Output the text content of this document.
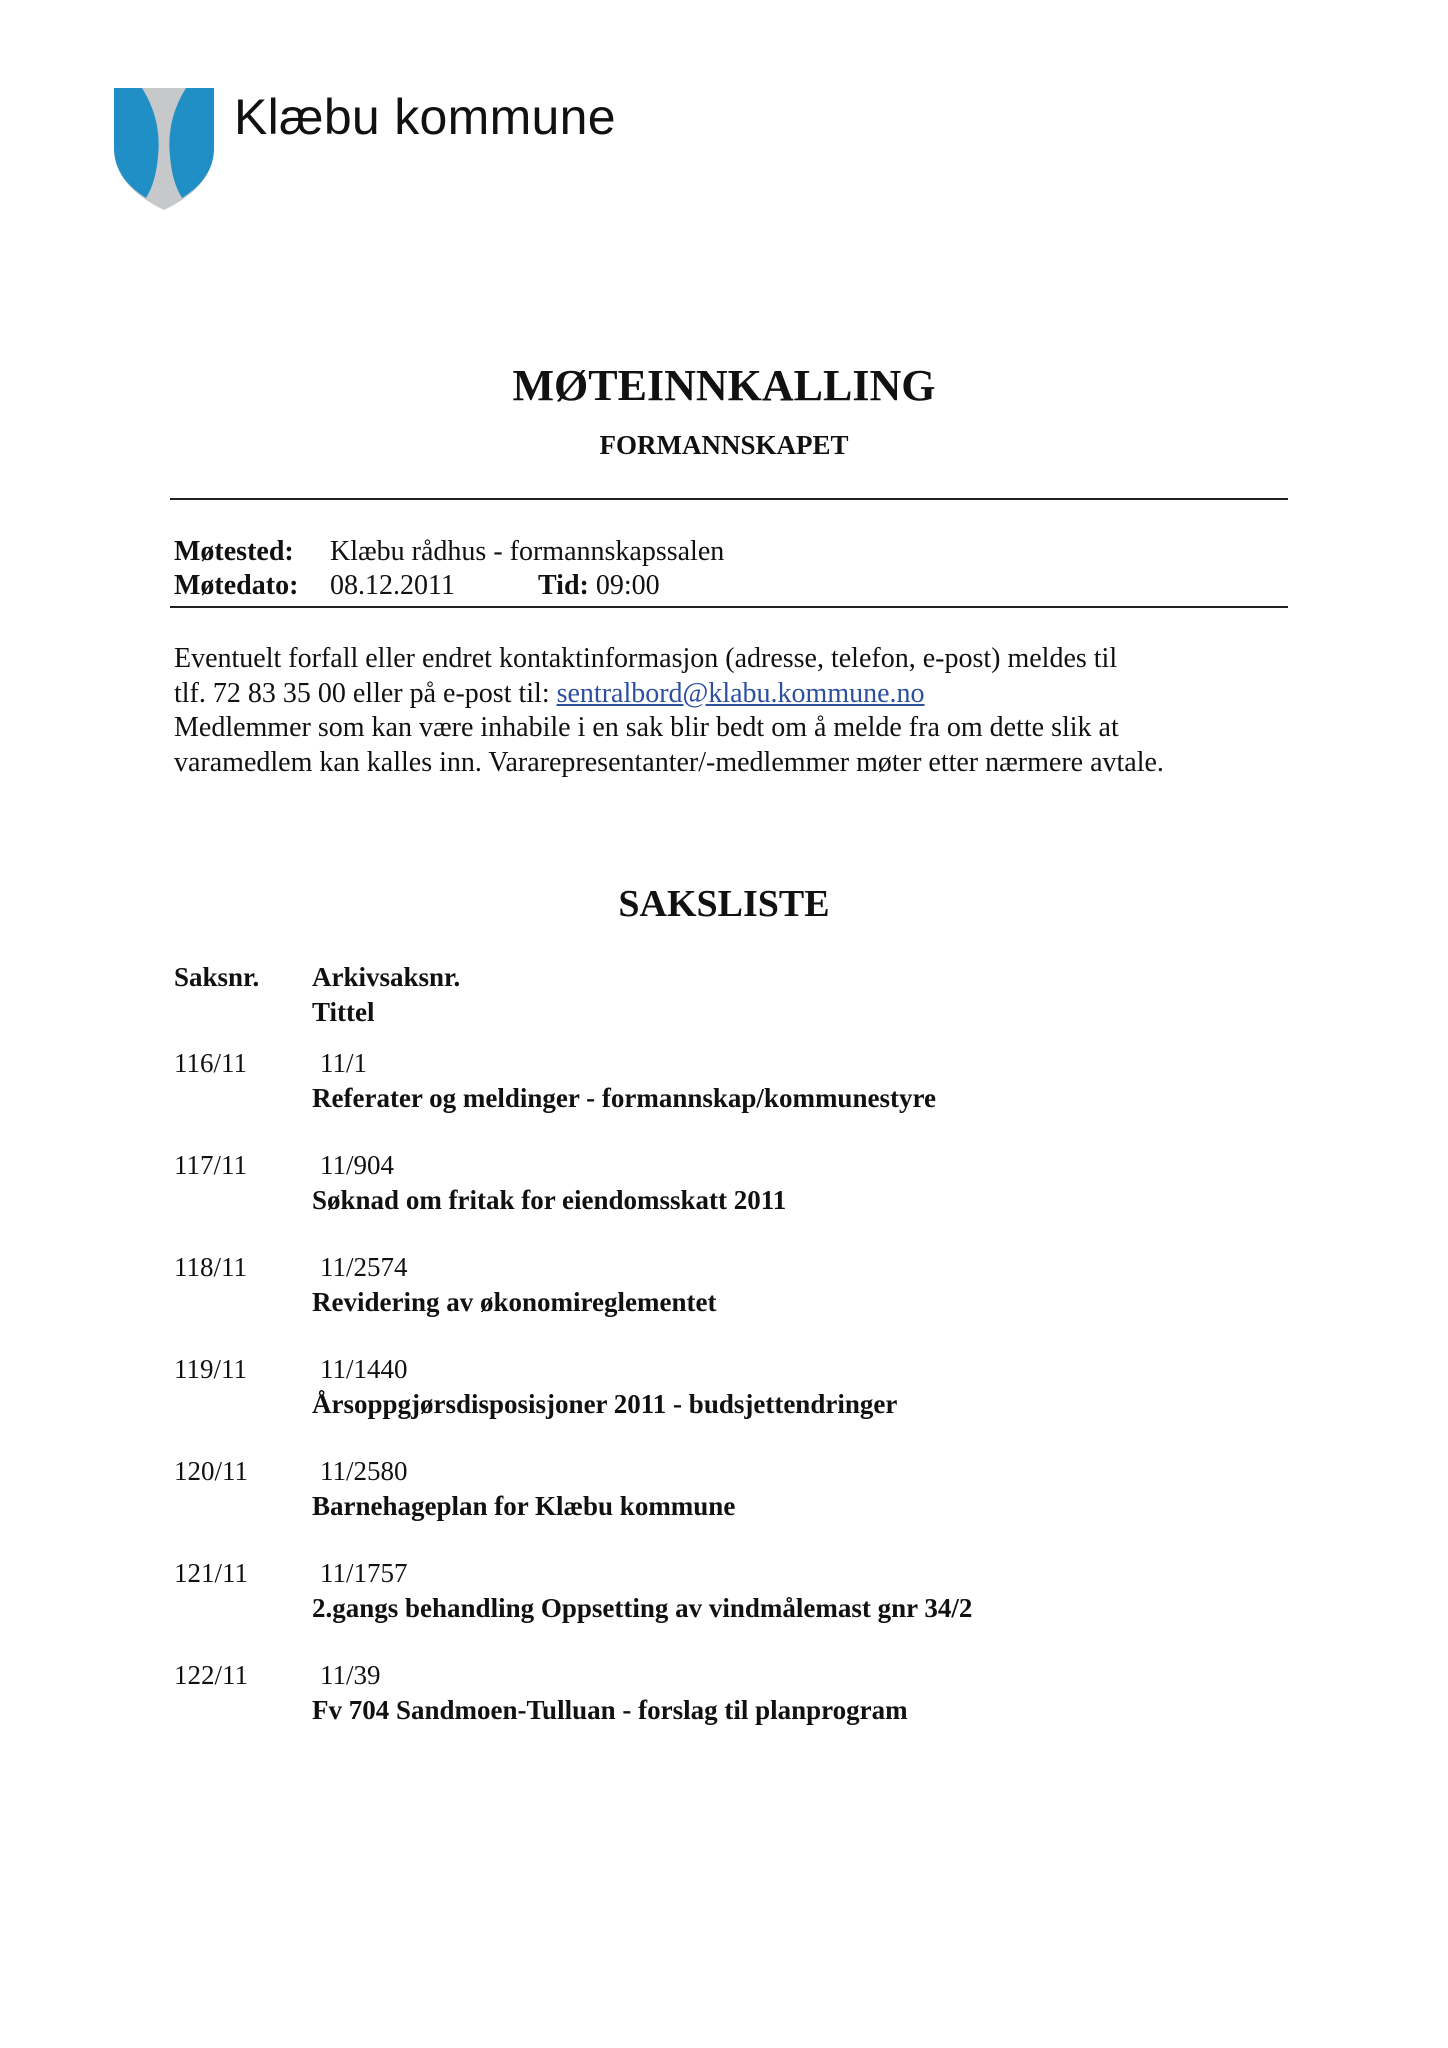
Klæbu kommune
MØTEINNKALLING
FORMANNSKAPET
Møtested: Klæbu rådhus - formannskapssalen
Møtedato: 08.12.2011	Tid: 09:00
Eventuelt forfall eller endret kontaktinformasjon (adresse, telefon, e-post) meldes til
tlf. 72 83 35 00 eller på e-post til: sentralbord@klabu.kommune.no
Medlemmer som kan være inhabile i en sak blir bedt om å melde fra om dette slik at
varamedlem kan kalles inn. Vararepresentanter/-medlemmer møter etter nærmere avtale.
SAKSLISTE
Saksnr. Arkivsaksnr.
Tittel
116/11	11/1
Referater og meldinger - formannskap/kommunestyre
117/11	11/904
Søknad om fritak for eiendomsskatt 2011
118/11	11/2574
Revidering av økonomireglementet
119/11	11/1440
Årsoppgjørsdisposisjoner 2011 - budsjettendringer
120/11	11/2580
Barnehageplan for Klæbu kommune
121/11	11/1757
2.gangs behandling Oppsetting av vindmålemast gnr 34/2
122/11	11/39
Fv 704 Sandmoen-Tulluan - forslag til planprogram
